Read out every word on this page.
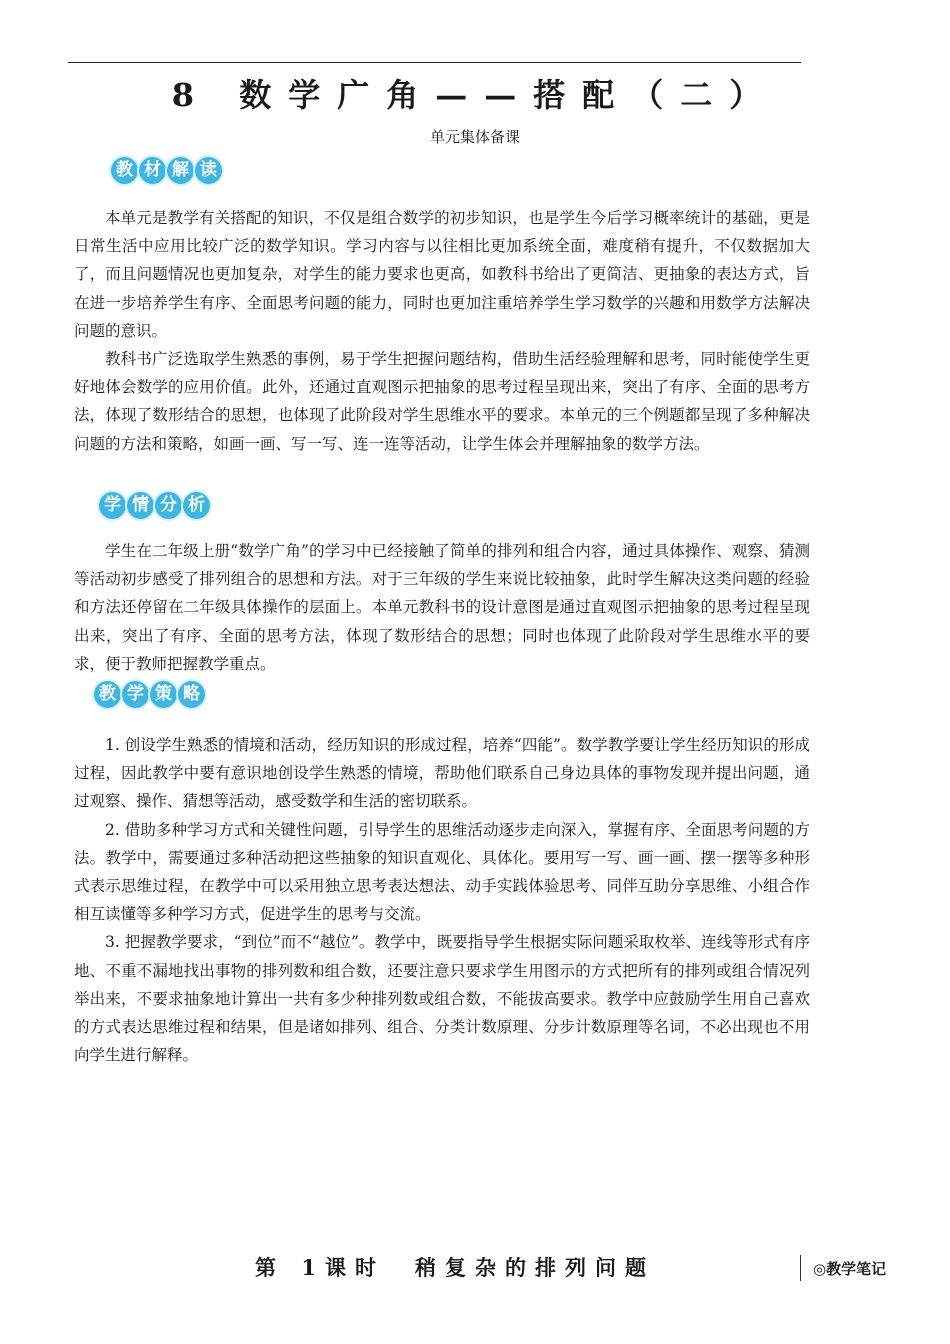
8 数学广角——搭配（二）
单元集体备课
教 材 解 读

本单元是教学有关搭配的知识，不仅是组合数学的初步知识，也是学生今后学习概率统计的基础，更是日常生活中应用比较广泛的数学知识。学习内容与以往相比更加系统全面，难度稍有提升，不仅数据加大了，而且问题情况也更加复杂，对学生的能力要求也更高，如教科书给出了更简洁、更抽象的表达方式，旨在进一步培养学生有序、全面思考问题的能力，同时也更加注重培养学生学习数学的兴趣和用数学方法解决问题的意识。

教科书广泛选取学生熟悉的事例，易于学生把握问题结构，借助生活经验理解和思考，同时能使学生更好地体会数学的应用价值。此外，还通过直观图示把抽象的思考过程呈现出来，突出了有序、全面的思考方法，体现了数形结合的思想，也体现了此阶段对学生思维水平的要求。本单元的三个例题都呈现了多种解决问题的方法和策略，如画一画、写一写、连一连等活动，让学生体会并理解抽象的数学方法。

学 情 分 析

学生在二年级上册“数学广角”的学习中已经接触了简单的排列和组合内容，通过具体操作、观察、猜测等活动初步感受了排列组合的思想和方法。对于三年级的学生来说比较抽象，此时学生解决这类问题的经验和方法还停留在二年级具体操作的层面上。本单元教科书的设计意图是通过直观图示把抽象的思考过程呈现出来，突出了有序、全面的思考方法，体现了数形结合的思想；同时也体现了此阶段对学生思维水平的要求，便于教师把握教学重点。

教 学 策 略

1. 创设学生熟悉的情境和活动，经历知识的形成过程，培养“四能”。数学教学要让学生经历知识的形成过程，因此教学中要有意识地创设学生熟悉的情境，帮助他们联系自己身边具体的事物发现并提出问题，通过观察、操作、猜想等活动，感受数学和生活的密切联系。

2. 借助多种学习方式和关键性问题，引导学生的思维活动逐步走向深入，掌握有序、全面思考问题的方法。教学中，需要通过多种活动把这些抽象的知识直观化、具体化。要用写一写、画一画、摆一摆等多种形式表示思维过程，在教学中可以采用独立思考表达想法、动手实践体验思考、同伴互助分享思维、小组合作相互读懂等多种学习方式，促进学生的思考与交流。

3. 把握教学要求，“到位”而不“越位”。教学中，既要指导学生根据实际问题采取枚举、连线等形式有序地、不重不漏地找出事物的排列数和组合数，还要注意只要求学生用图示的方式把所有的排列或组合情况列举出来，不要求抽象地计算出一共有多少种排列数或组合数，不能拔高要求。教学中应鼓励学生用自己喜欢的方式表达思维过程和结果，但是诸如排列、组合、分类计数原理、分步计数原理等名词，不必出现也不用向学生进行解释。

第 1课时　稍复杂的排列问题	◎教学笔记
